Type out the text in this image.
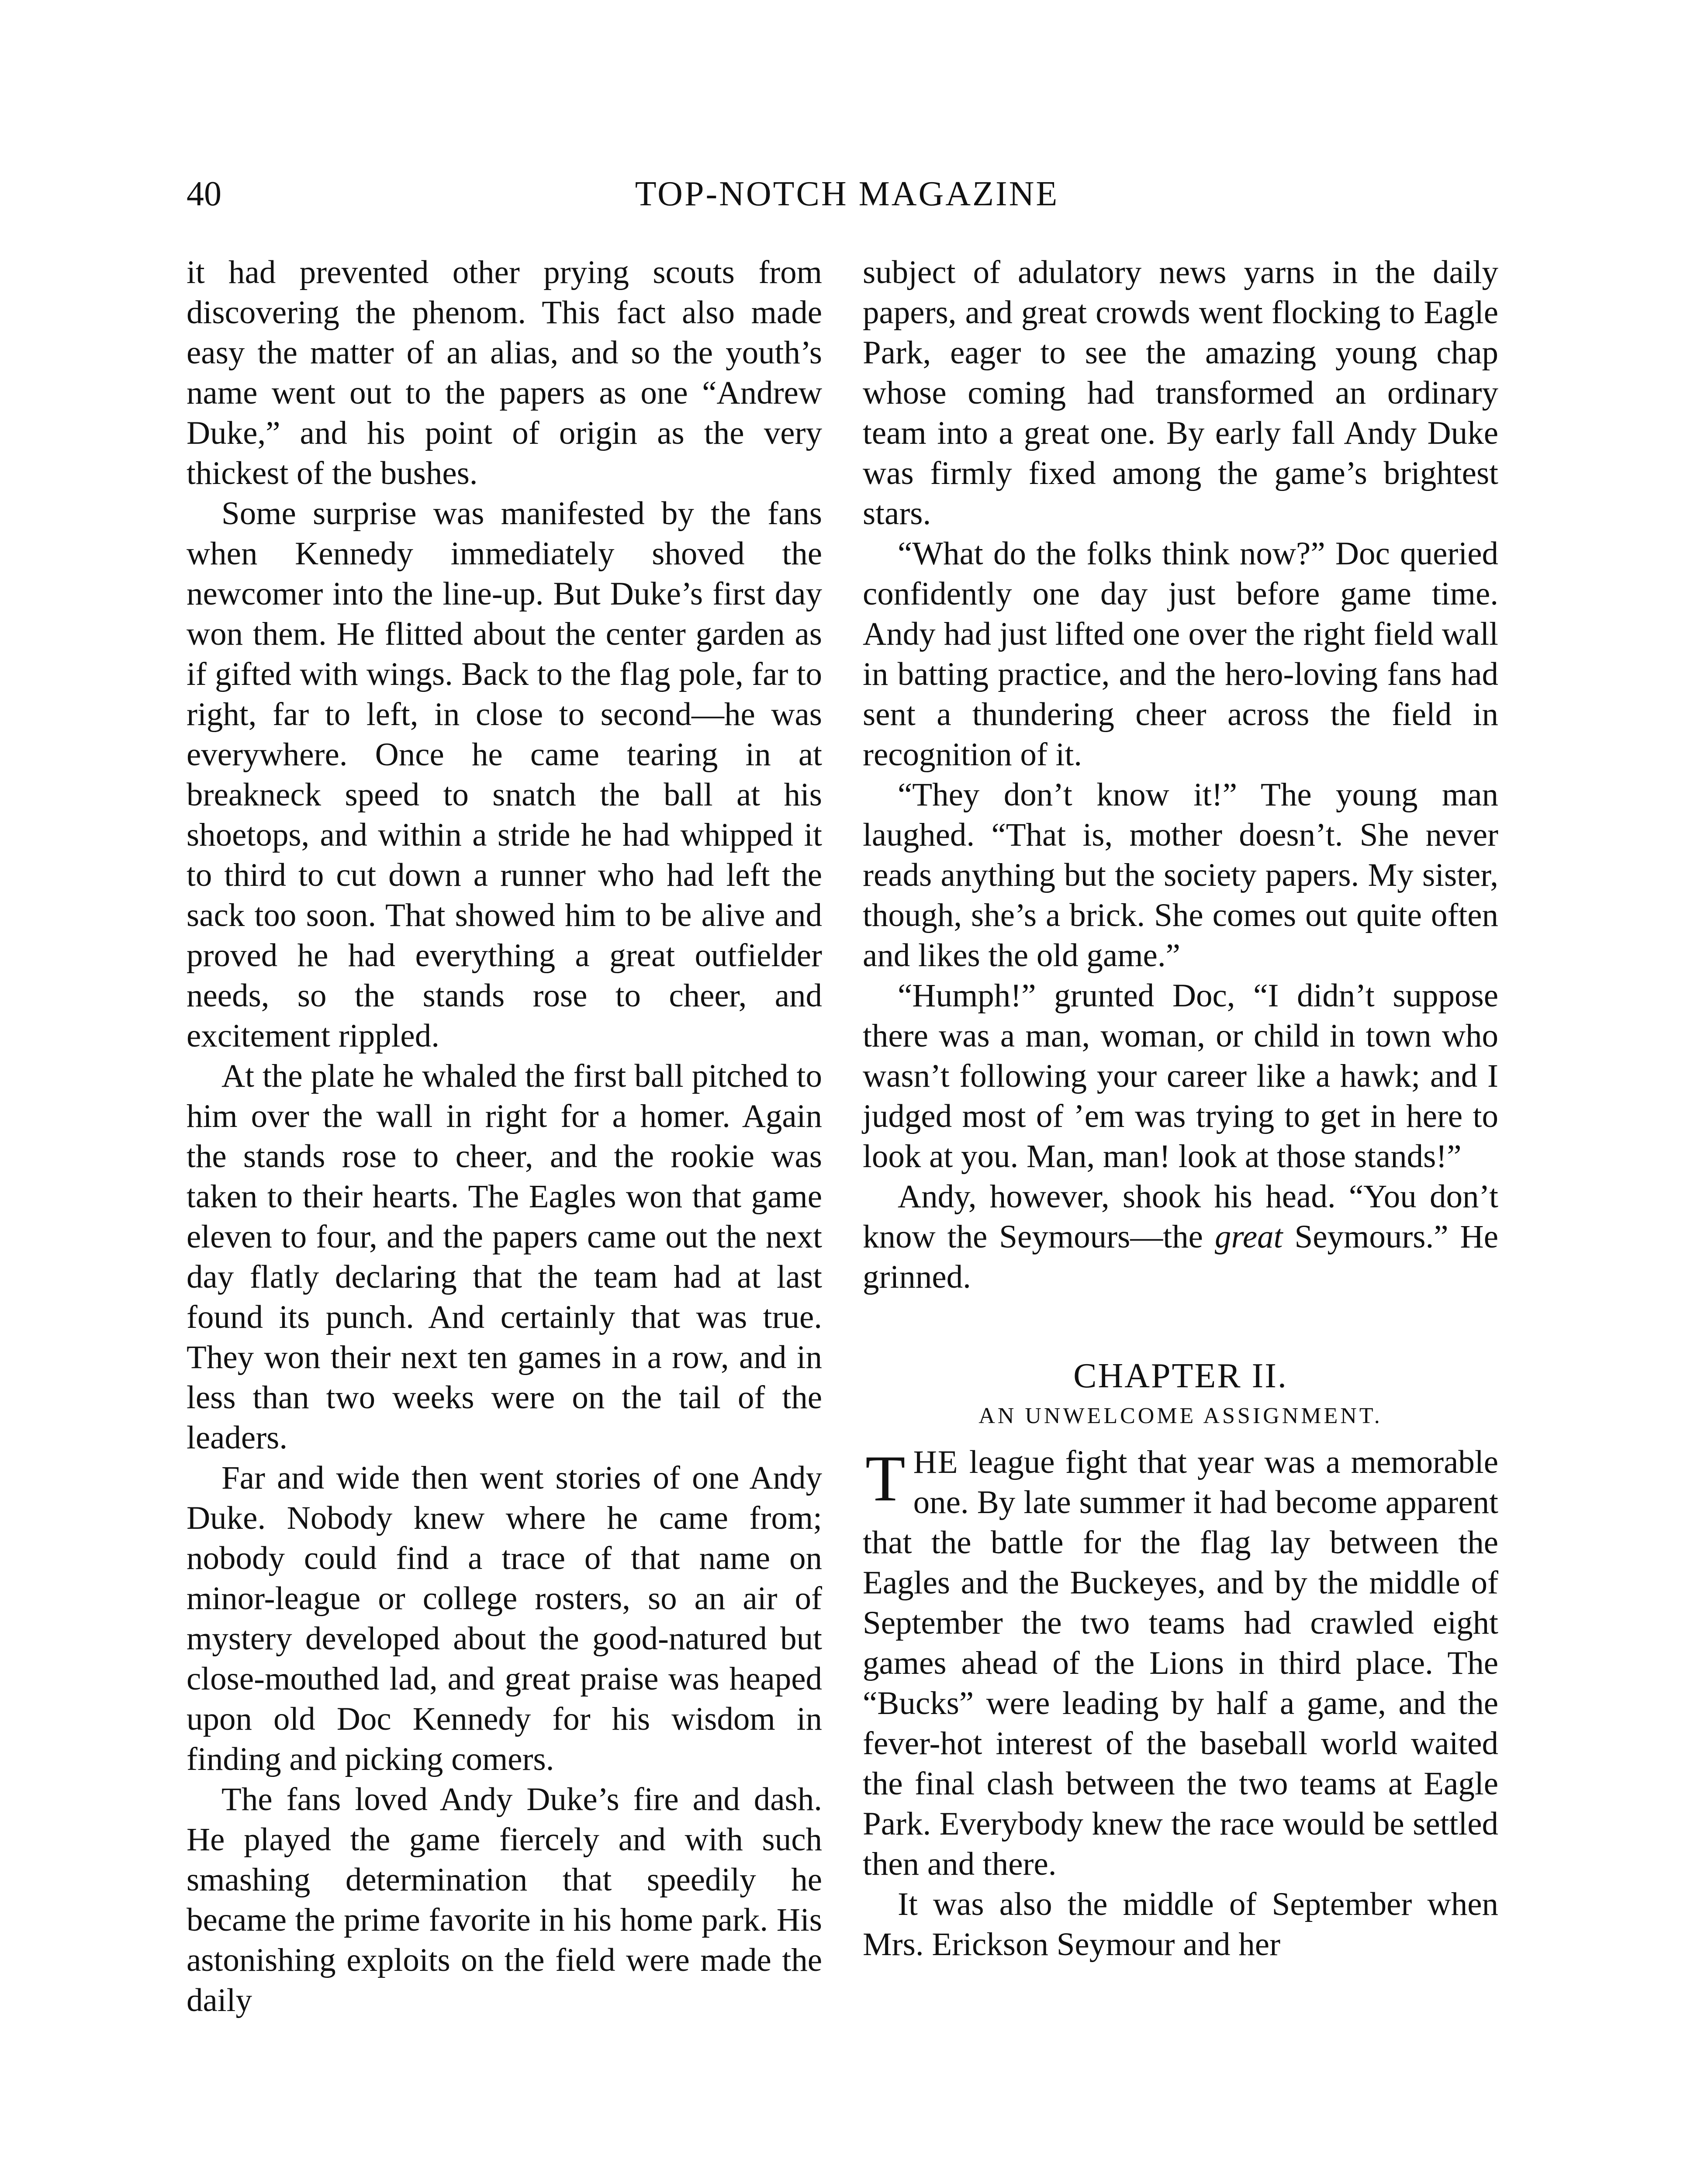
40	TOP-NOTCH MAGAZINE

it had prevented other prying scouts from discovering the phenom. This fact also made easy the matter of an alias, and so the youth’s name went out to the papers as one “Andrew Duke,” and his point of origin as the very thickest of the bushes.

Some surprise was manifested by the fans when Kennedy immediately shoved the newcomer into the line-up. But Duke’s first day won them. He flitted about the center garden as if gifted with wings. Back to the flag pole, far to right, far to left, in close to second—he was everywhere. Once he came tearing in at breakneck speed to snatch the ball at his shoetops, and within a stride he had whipped it to third to cut down a runner who had left the sack too soon. That showed him to be alive and proved he had everything a great outfielder needs, so the stands rose to cheer, and excitement rippled.

At the plate he whaled the first ball pitched to him over the wall in right for a homer. Again the stands rose to cheer, and the rookie was taken to their hearts. The Eagles won that game eleven to four, and the papers came out the next day flatly declaring that the team had at last found its punch. And certainly that was true. They won their next ten games in a row, and in less than two weeks were on the tail of the leaders.

Far and wide then went stories of one Andy Duke. Nobody knew where he came from; nobody could find a trace of that name on minor-league or college rosters, so an air of mystery developed about the good-natured but close-mouthed lad, and great praise was heaped upon old Doc Kennedy for his wisdom in finding and picking comers.

The fans loved Andy Duke’s fire and dash. He played the game fiercely and with such smashing determination that speedily he became the prime favorite in his home park. His astonishing exploits on the field were made the daily

subject of adulatory news yarns in the daily papers, and great crowds went flocking to Eagle Park, eager to see the amazing young chap whose coming had transformed an ordinary team into a great one. By early fall Andy Duke was firmly fixed among the game’s brightest stars.

“What do the folks think now?” Doc queried confidently one day just before game time. Andy had just lifted one over the right field wall in batting practice, and the hero-loving fans had sent a thundering cheer across the field in recognition of it.

“They don’t know it!” The young man laughed. “That is, mother doesn’t. She never reads anything but the society papers. My sister, though, she’s a brick. She comes out quite often and likes the old game.”

“Humph!” grunted Doc, “I didn’t suppose there was a man, woman, or child in town who wasn’t following your career like a hawk; and I judged most of ’em was trying to get in here to look at you. Man, man! look at those stands!”

Andy, however, shook his head. “You don’t know the Seymours—the great Seymours.” He grinned.

CHAPTER II.
AN UNWELCOME ASSIGNMENT.

THE league fight that year was a memorable one. By late summer it had become apparent that the battle for the flag lay between the Eagles and the Buckeyes, and by the middle of September the two teams had crawled eight games ahead of the Lions in third place. The “Bucks” were leading by half a game, and the fever-hot interest of the baseball world waited the final clash between the two teams at Eagle Park. Everybody knew the race would be settled then and there.

It was also the middle of September when Mrs. Erickson Seymour and her
